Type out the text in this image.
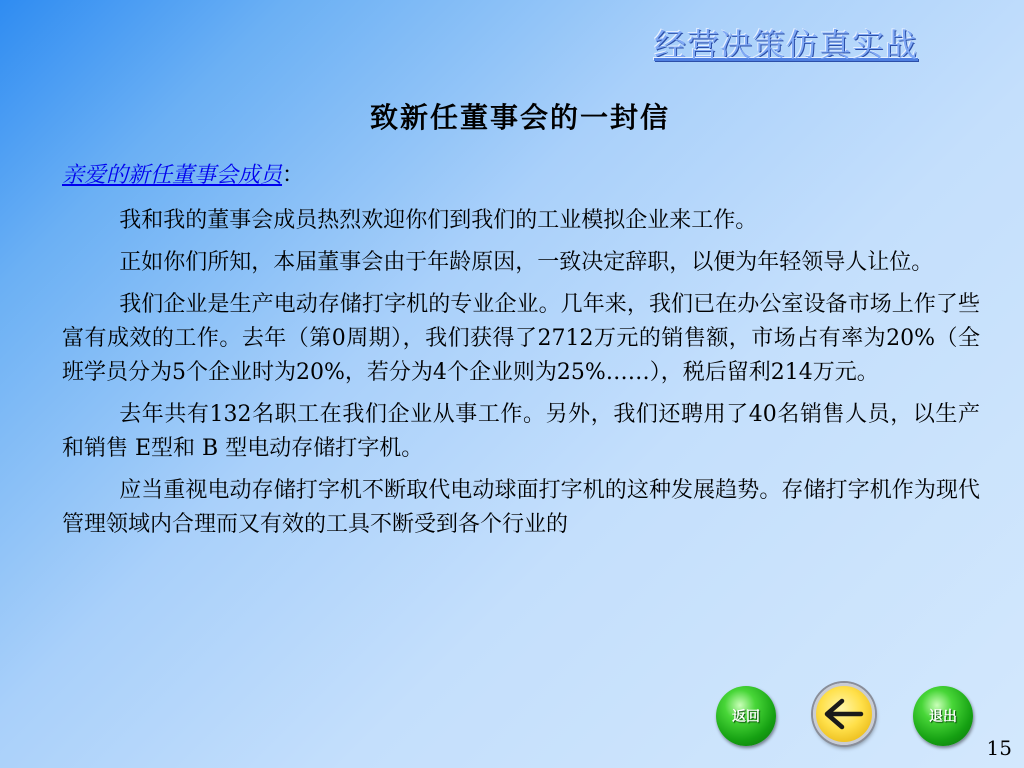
经营决策仿真实战
致新任董事会的一封信
亲爱的新任董事会成员：

我和我的董事会成员热烈欢迎你们到我们的工业模拟企业来工作。

正如你们所知，本届董事会由于年龄原因，一致决定辞职，以便为年轻领导人让位。

我们企业是生产电动存储打字机的专业企业。几年来，我们已在办公室设备市场上作了些富有成效的工作。去年（第0周期），我们获得了2712万元的销售额，市场占有率为20%（全班学员分为5个企业时为20%，若分为4个企业则为25%……），税后留利214万元。

去年共有132名职工在我们企业从事工作。另外，我们还聘用了40名销售人员，以生产和销售 E型和 B 型电动存储打字机。

应当重视电动存储打字机不断取代电动球面打字机的这种发展趋势。存储打字机作为现代管理领域内合理而又有效的工具不断受到各个行业的

返回	退出
15
